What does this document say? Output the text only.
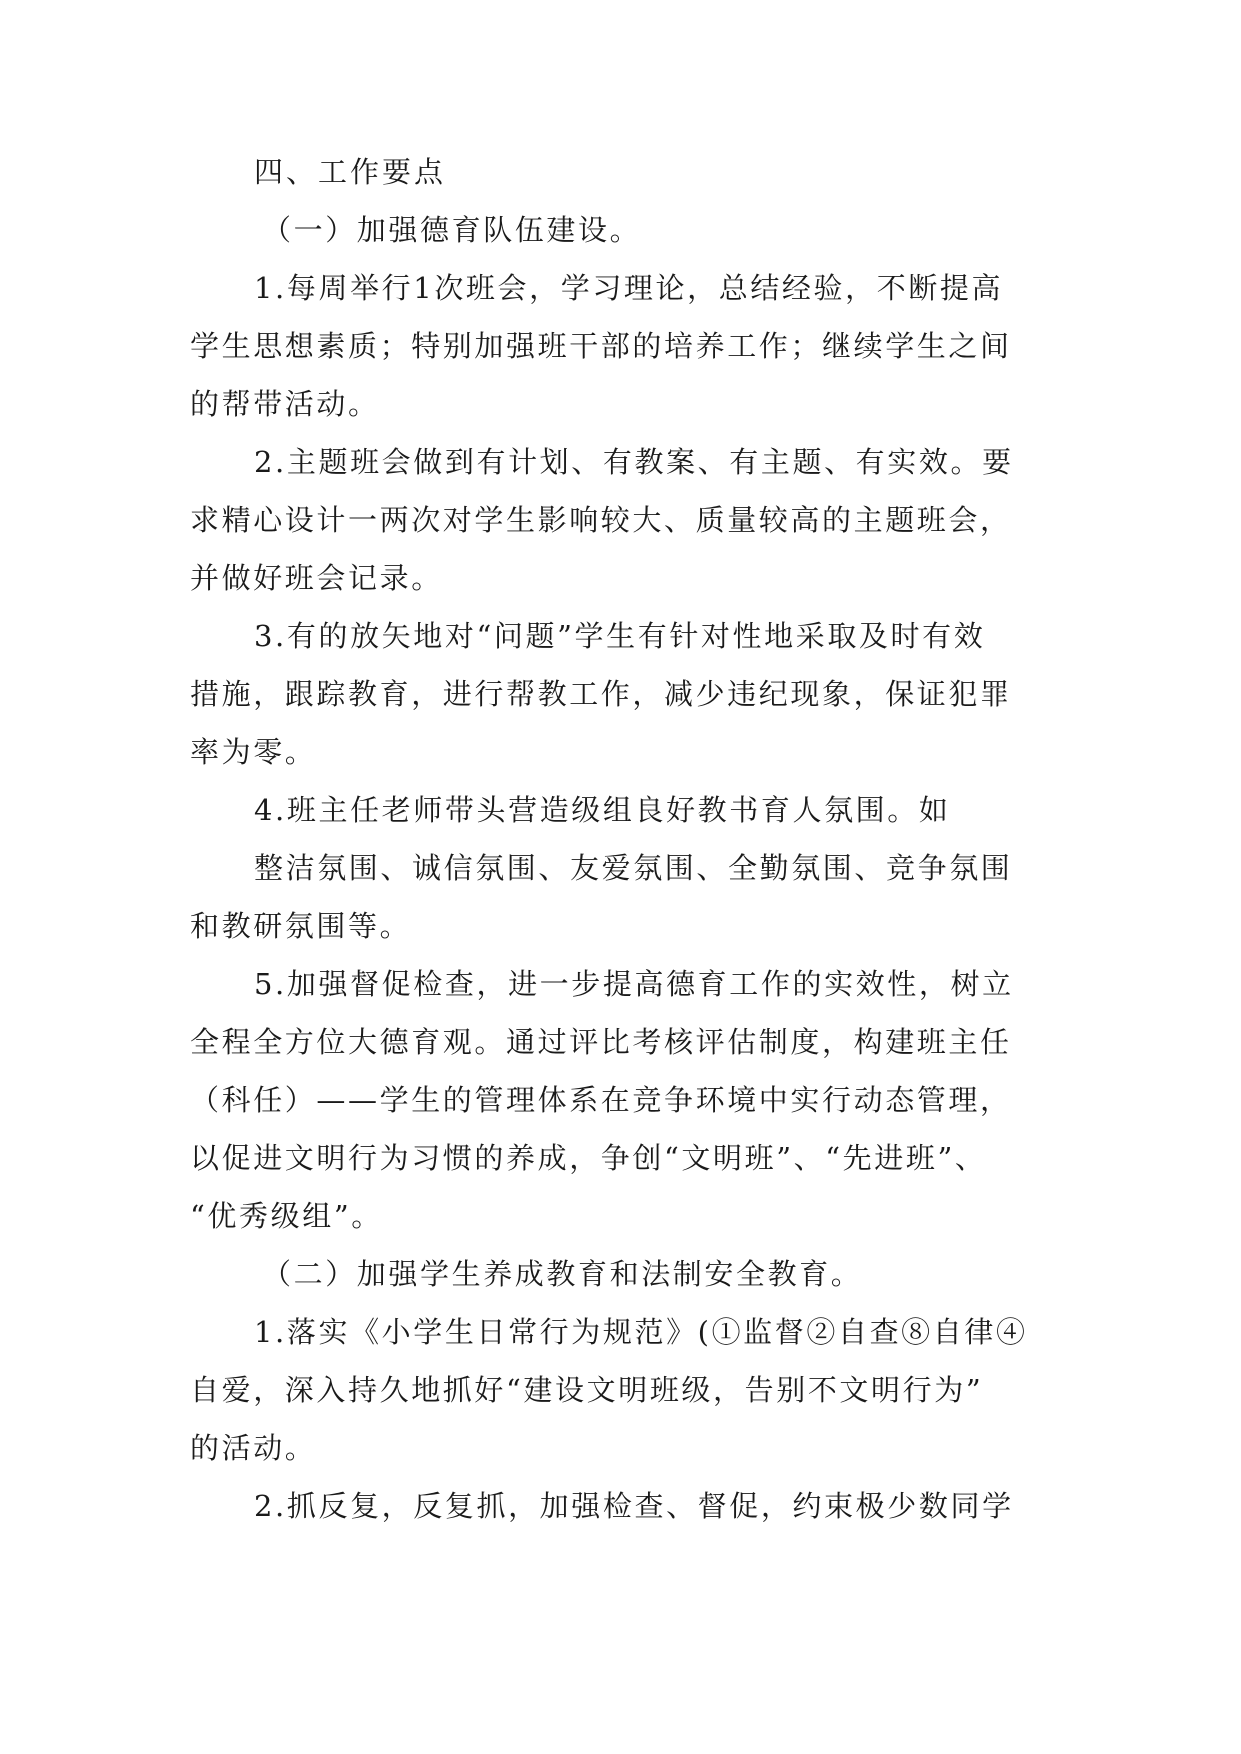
四、工作要点
（一）加强德育队伍建设。
1.每周举行1次班会，学习理论，总结经验，不断提高
学生思想素质；特别加强班干部的培养工作；继续学生之间
的帮带活动。
2.主题班会做到有计划、有教案、有主题、有实效。要
求精心设计一两次对学生影响较大、质量较高的主题班会，
并做好班会记录。
3.有的放矢地对“问题”学生有针对性地采取及时有效
措施，跟踪教育，进行帮教工作，减少违纪现象，保证犯罪
率为零。
4.班主任老师带头营造级组良好教书育人氛围。如
整洁氛围、诚信氛围、友爱氛围、全勤氛围、竞争氛围
和教研氛围等。
5.加强督促检查，进一步提高德育工作的实效性，树立
全程全方位大德育观。通过评比考核评估制度，构建班主任
（科任）——学生的管理体系在竞争环境中实行动态管理，
以促进文明行为习惯的养成，争创“文明班”、“先进班”、
“优秀级组”。
（二）加强学生养成教育和法制安全教育。
1.落实《小学生日常行为规范》(①监督②自查⑧自律④
自爱，深入持久地抓好“建设文明班级，告别不文明行为”
的活动。
2.抓反复，反复抓，加强检查、督促，约束极少数同学
